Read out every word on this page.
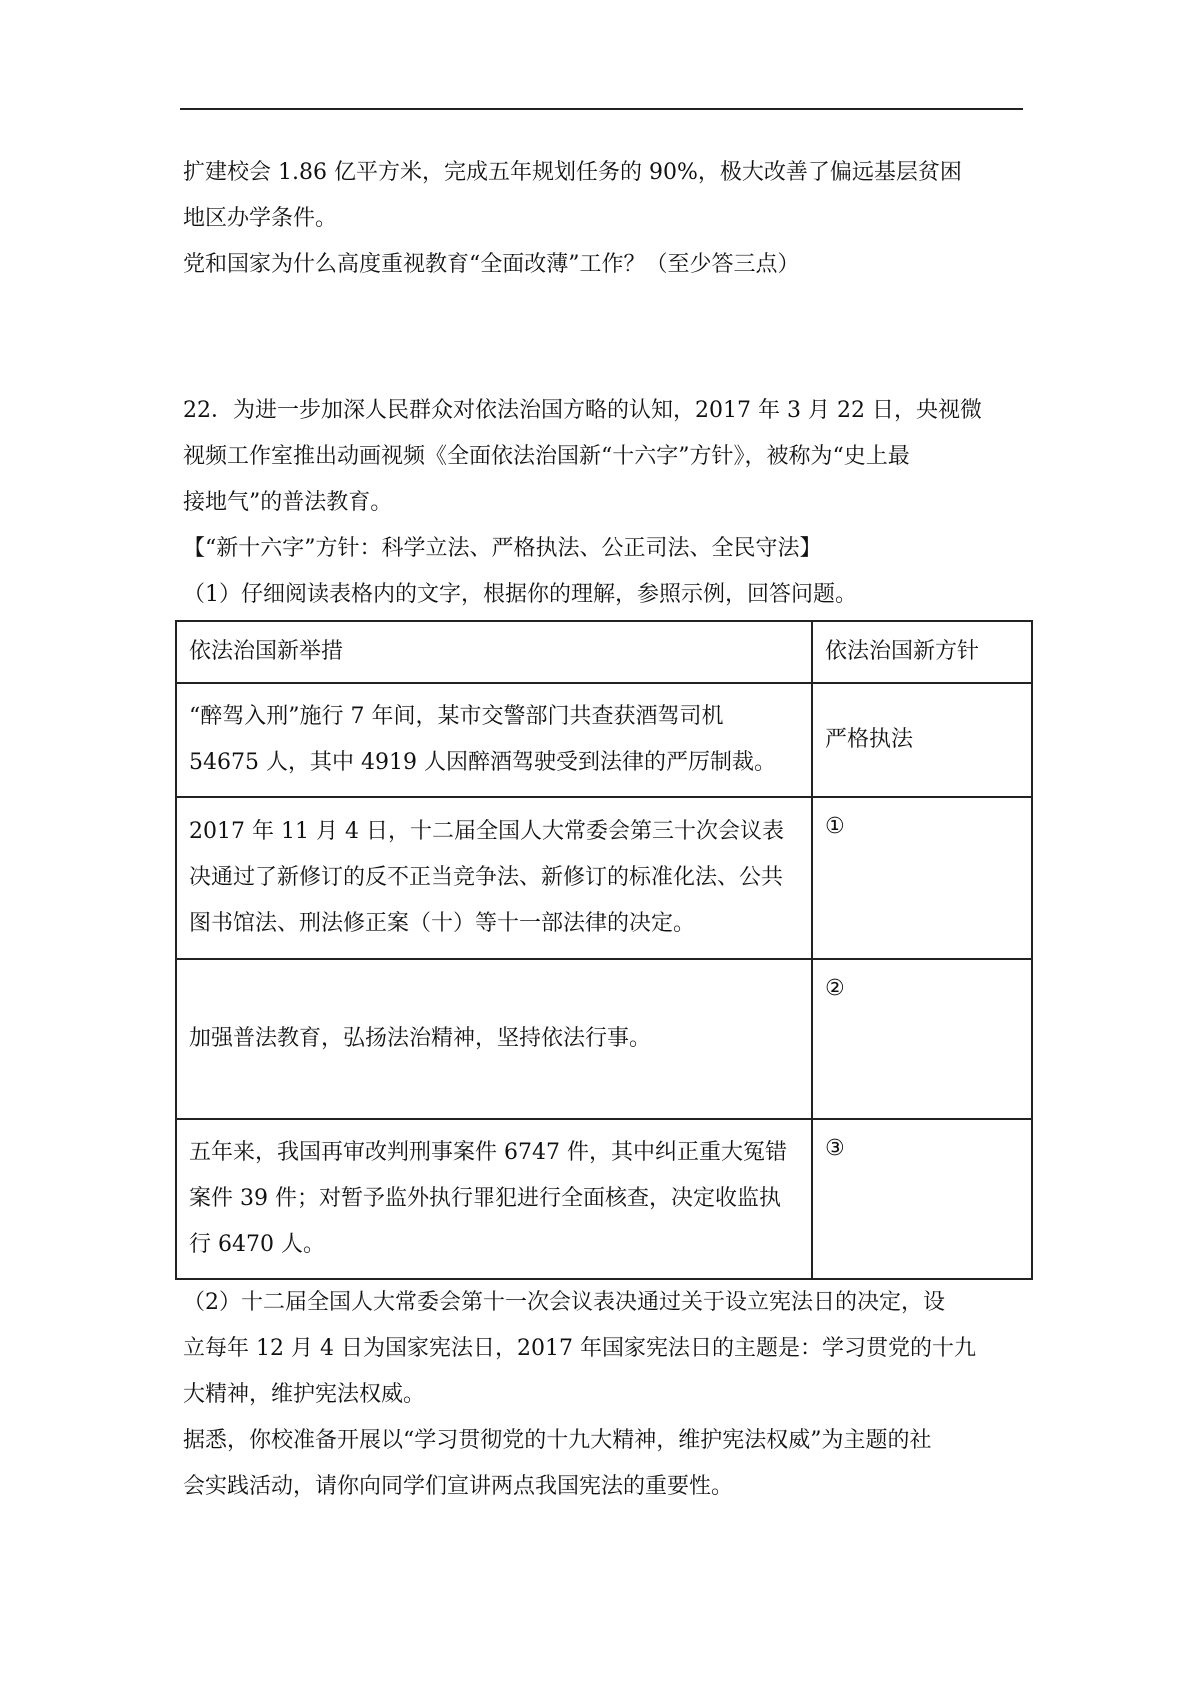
扩建校会 1.86 亿平方米，完成五年规划任务的 90%，极大改善了偏远基层贫困

地区办学条件。

党和国家为什么高度重视教育“全面改薄”工作？（至少答三点）

22．为进一步加深人民群众对依法治国方略的认知，2017 年 3 月 22 日，央视微

视频工作室推出动画视频《全面依法治国新“十六字”方针》，被称为“史上最

接地气”的普法教育。

【“新十六字”方针：科学立法、严格执法、公正司法、全民守法】

（1）仔细阅读表格内的文字，根据你的理解，参照示例，回答问题。

依法治国新举措	依法治国新方针
“醉驾入刑”施行 7 年间，某市交警部门共查获酒驾司机 54675 人，其中 4919 人因醉酒驾驶受到法律的严厉制裁。	严格执法
2017 年 11 月 4 日，十二届全国人大常委会第三十次会议表决通过了新修订的反不正当竞争法、新修订的标准化法、公共图书馆法、刑法修正案（十）等十一部法律的决定。	①
加强普法教育，弘扬法治精神，坚持依法行事。	②
五年来，我国再审改判刑事案件 6747 件，其中纠正重大冤错案件 39 件；对暂予监外执行罪犯进行全面核查，决定收监执行 6470 人。	③

（2）十二届全国人大常委会第十一次会议表决通过关于设立宪法日的决定，设

立每年 12 月 4 日为国家宪法日，2017 年国家宪法日的主题是：学习贯党的十九

大精神，维护宪法权威。

据悉，你校准备开展以“学习贯彻党的十九大精神，维护宪法权威”为主题的社

会实践活动，请你向同学们宣讲两点我国宪法的重要性。
